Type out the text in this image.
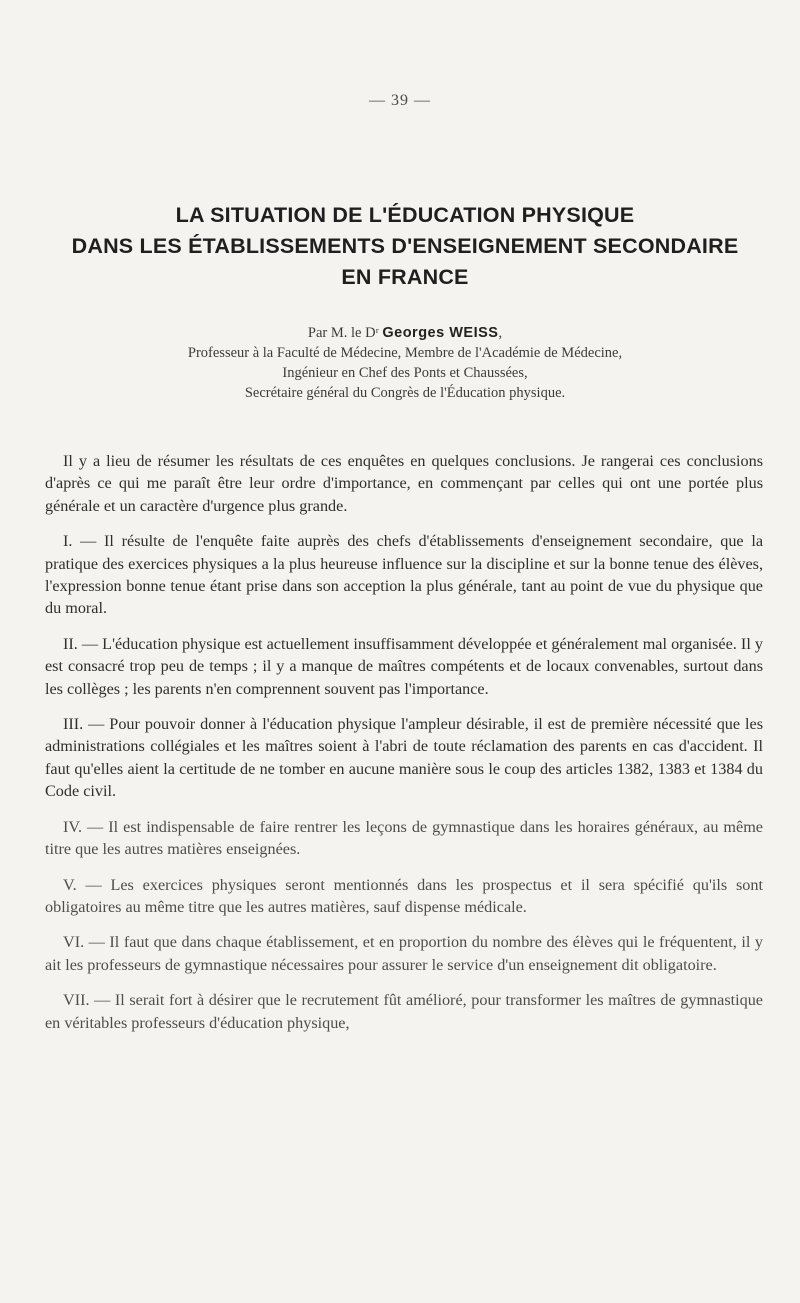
— 39 —
LA SITUATION DE L'ÉDUCATION PHYSIQUE
DANS LES ÉTABLISSEMENTS D'ENSEIGNEMENT SECONDAIRE
EN FRANCE
Par M. le Dʳ Georges WEISS,
Professeur à la Faculté de Médecine, Membre de l'Académie de Médecine,
Ingénieur en Chef des Ponts et Chaussées,
Secrétaire général du Congrès de l'Éducation physique.

Il y a lieu de résumer les résultats de ces enquêtes en quelques conclusions. Je rangerai ces conclusions d'après ce qui me paraît être leur ordre d'importance, en commençant par celles qui ont une portée plus générale et un caractère d'urgence plus grande.

I. — Il résulte de l'enquête faite auprès des chefs d'établissements d'enseignement secondaire, que la pratique des exercices physiques a la plus heureuse influence sur la discipline et sur la bonne tenue des élèves, l'expression bonne tenue étant prise dans son acception la plus générale, tant au point de vue du physique que du moral.

II. — L'éducation physique est actuellement insuffisamment développée et généralement mal organisée. Il y est consacré trop peu de temps ; il y a manque de maîtres compétents et de locaux convenables, surtout dans les collèges ; les parents n'en comprennent souvent pas l'importance.

III. — Pour pouvoir donner à l'éducation physique l'ampleur désirable, il est de première nécessité que les administrations collégiales et les maîtres soient à l'abri de toute réclamation des parents en cas d'accident. Il faut qu'elles aient la certitude de ne tomber en aucune manière sous le coup des articles 1382, 1383 et 1384 du Code civil.

IV. — Il est indispensable de faire rentrer les leçons de gymnastique dans les horaires généraux, au même titre que les autres matières enseignées.

V. — Les exercices physiques seront mentionnés dans les prospectus et il sera spécifié qu'ils sont obligatoires au même titre que les autres matières, sauf dispense médicale.

VI. — Il faut que dans chaque établissement, et en proportion du nombre des élèves qui le fréquentent, il y ait les professeurs de gymnastique nécessaires pour assurer le service d'un enseignement dit obligatoire.

VII. — Il serait fort à désirer que le recrutement fût amélioré, pour transformer les maîtres de gymnastique en véritables professeurs d'éducation physique,
